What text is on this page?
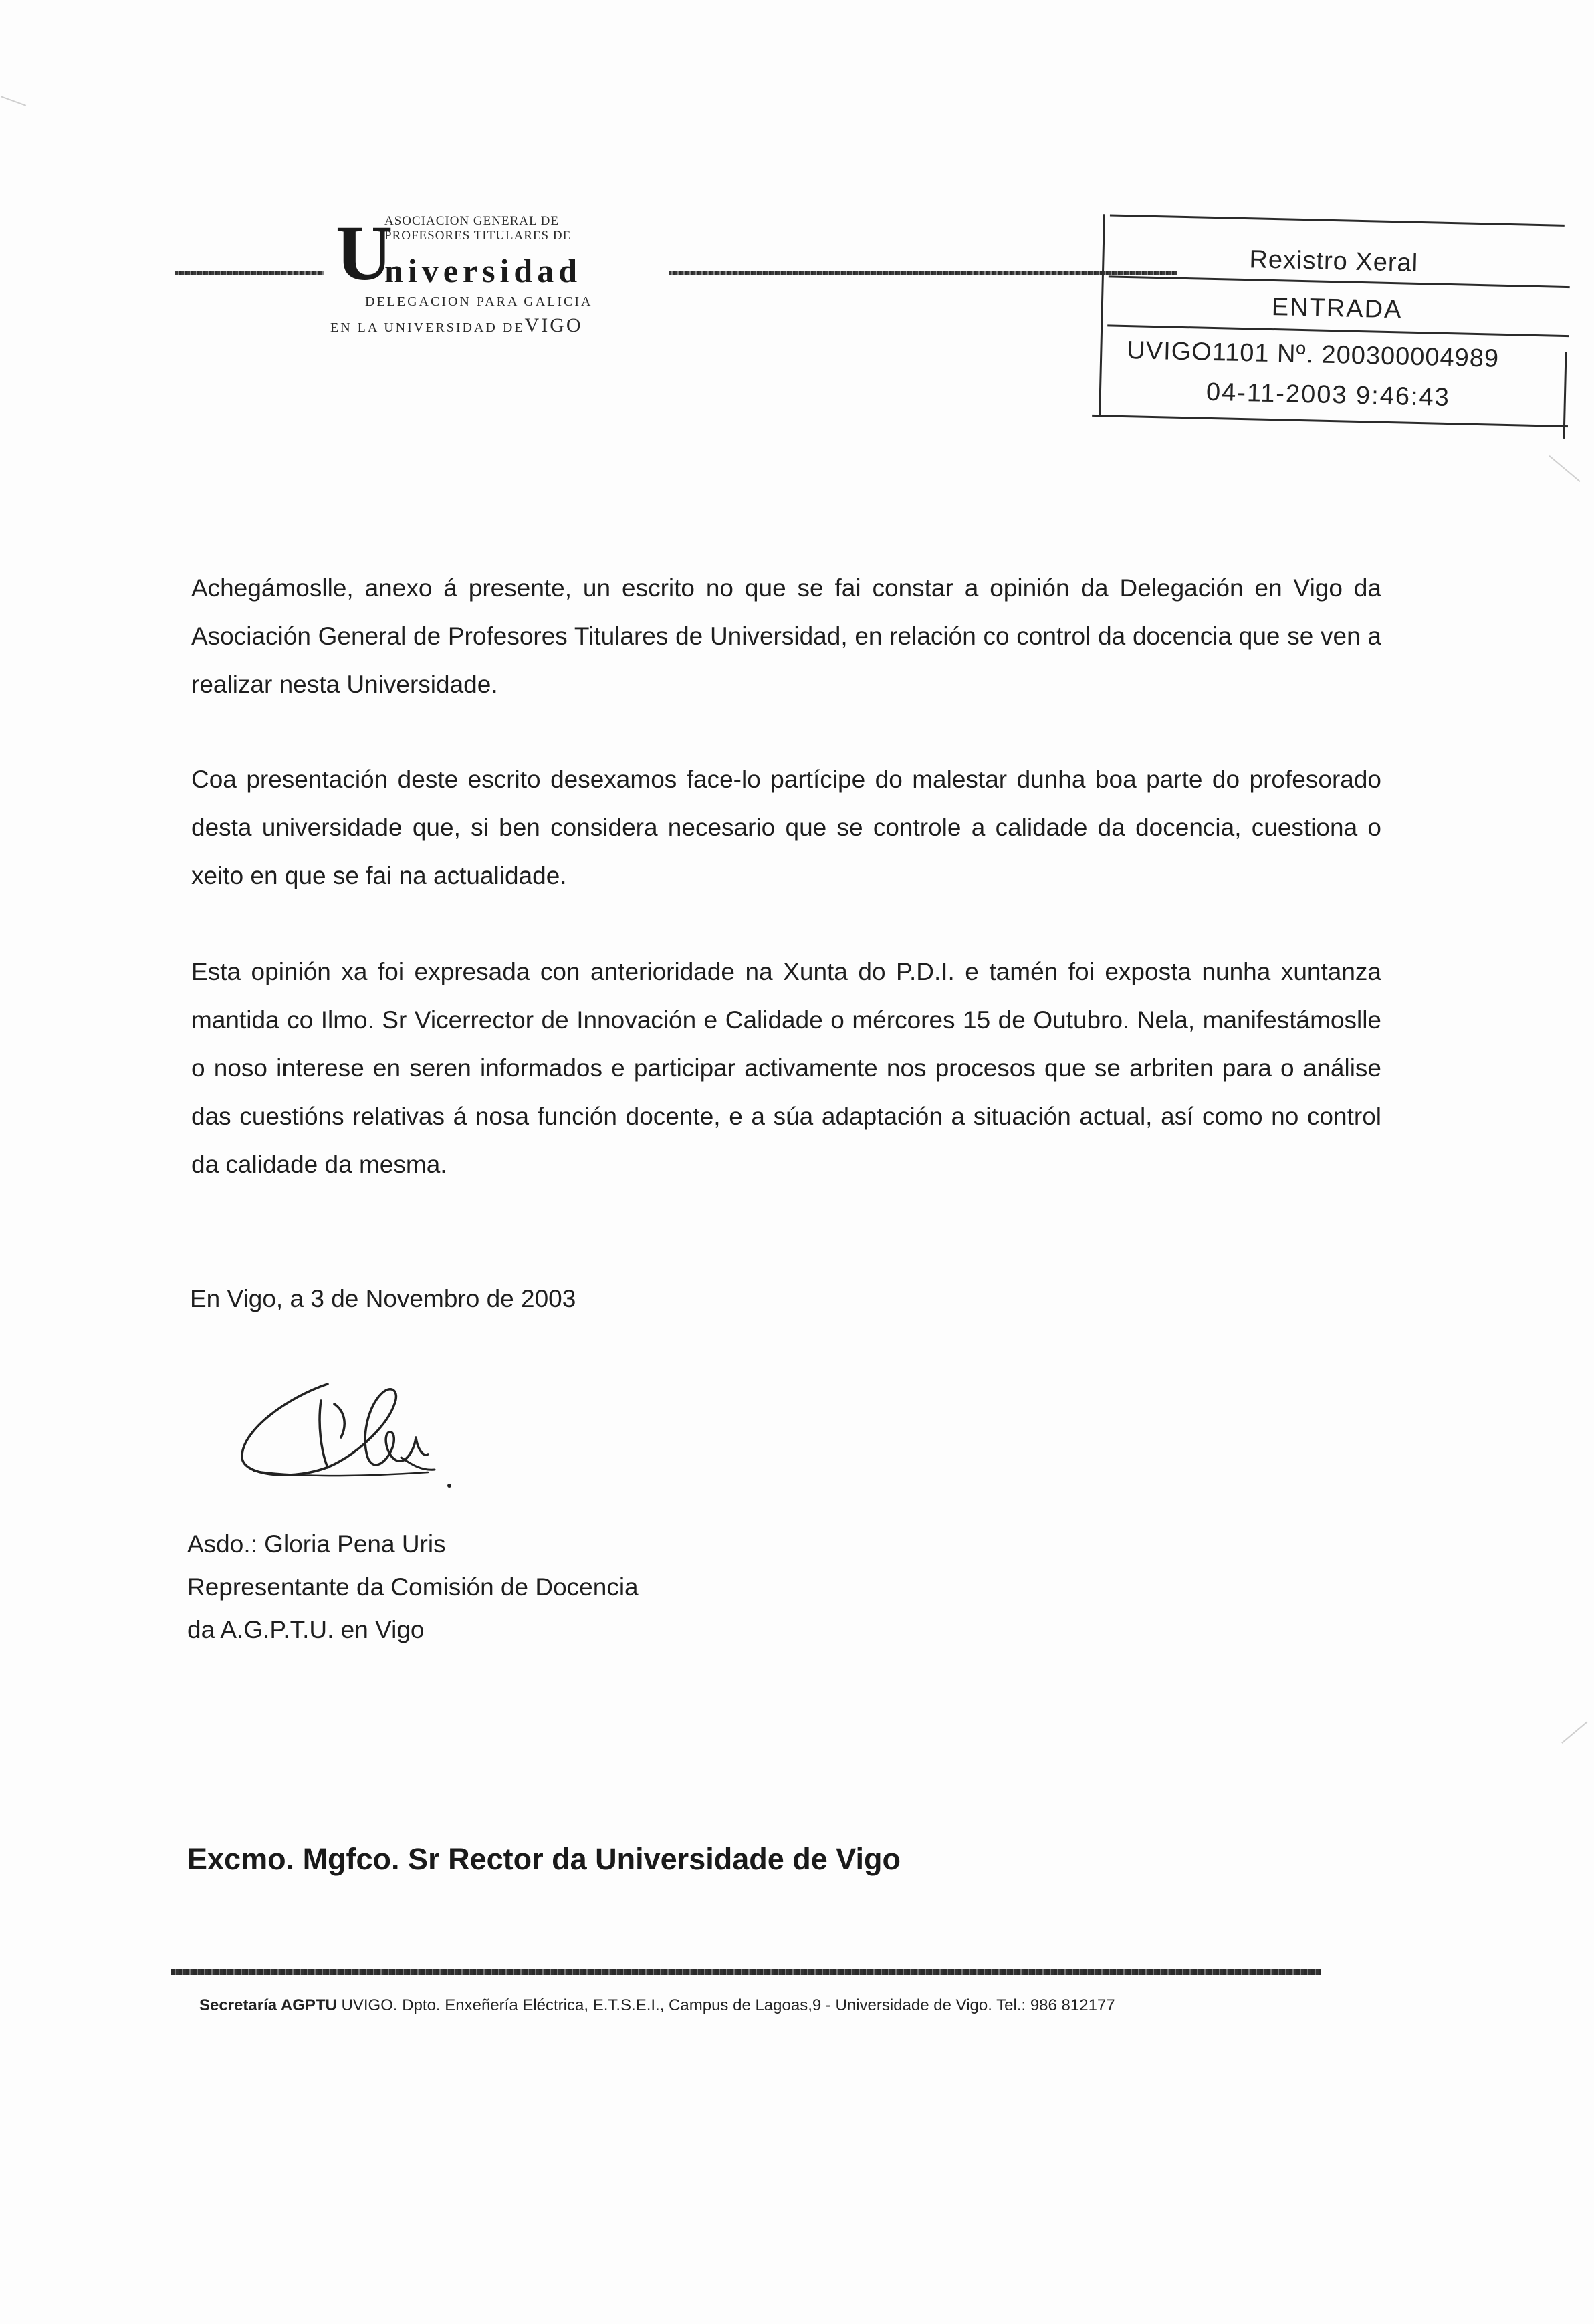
U
ASOCIACION GENERAL DE
PROFESORES TITULARES DE
niversidad
DELEGACION PARA GALICIA
EN LA UNIVERSIDAD DEVIGO
Rexistro Xeral
ENTRADA
UVIGO1101 Nº. 200300004989
04-11-2003 9:46:43
Achegámoslle, anexo á presente, un escrito no que se fai constar a opinión da Delegación en Vigo da Asociación General de Profesores Titulares de Universidad, en relación co control da docencia que se ven a realizar nesta Universidade.
Coa presentación deste escrito desexamos face-lo partícipe do malestar dunha boa parte do profesorado desta universidade que, si ben considera necesario que se controle a calidade da docencia, cuestiona o xeito en que se fai na actualidade.
Esta opinión xa foi expresada con anterioridade na Xunta do P.D.I. e tamén foi exposta nunha xuntanza mantida co Ilmo. Sr Vicerrector de Innovación e Calidade o mércores 15 de Outubro. Nela, manifestámoslle o noso interese en seren informados e participar activamente nos procesos que se arbriten para o análise das cuestións relativas á nosa función docente, e a súa adaptación a situación actual, así como no control da calidade da mesma.
En Vigo, a 3 de Novembro de 2003
Asdo.: Gloria Pena Uris
Representante da Comisión de Docencia
da A.G.P.T.U. en Vigo
Excmo. Mgfco. Sr Rector da Universidade de Vigo
Secretaría AGPTU UVIGO. Dpto. Enxeñería Eléctrica, E.T.S.E.I., Campus de Lagoas,9 - Universidade de Vigo. Tel.: 986 812177
